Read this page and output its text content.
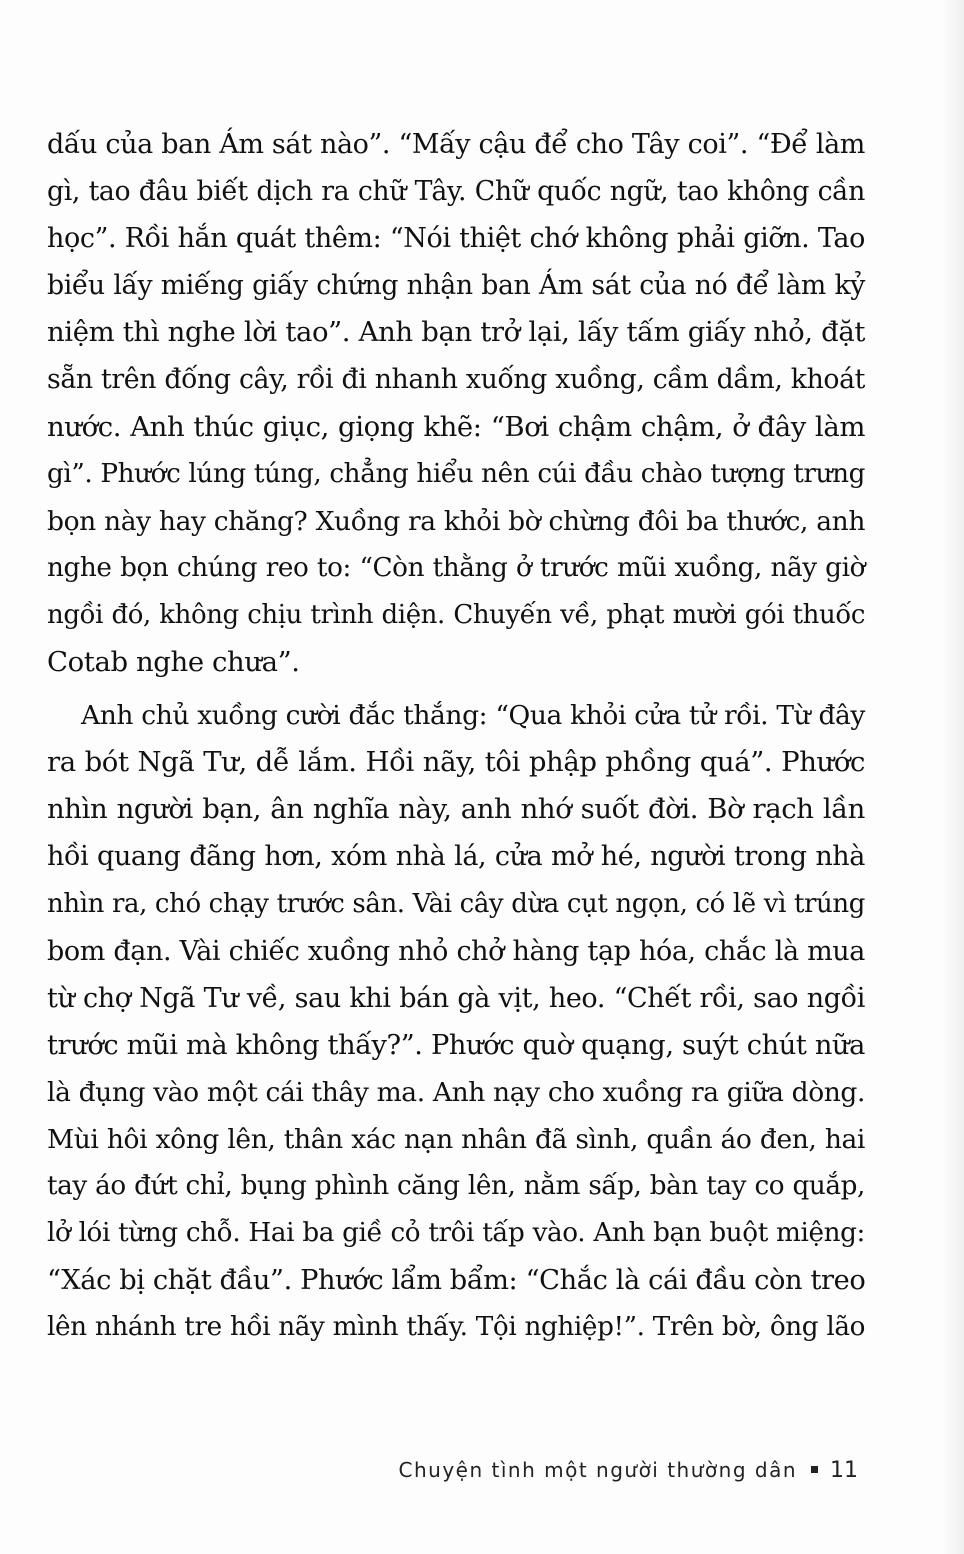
dấu của ban Ám sát nào”. “Mấy cậu để cho Tây coi”. “Để làm
gì, tao đâu biết dịch ra chữ Tây. Chữ quốc ngữ, tao không cần
học”. Rồi hắn quát thêm: “Nói thiệt chớ không phải giỡn. Tao
biểu lấy miếng giấy chứng nhận ban Ám sát của nó để làm kỷ
niệm thì nghe lời tao”. Anh bạn trở lại, lấy tấm giấy nhỏ, đặt
sẵn trên đống cây, rồi đi nhanh xuống xuồng, cầm dầm, khoát
nước. Anh thúc giục, giọng khẽ: “Bơi chậm chậm, ở đây làm
gì”. Phước lúng túng, chẳng hiểu nên cúi đầu chào tượng trưng
bọn này hay chăng? Xuồng ra khỏi bờ chừng đôi ba thước, anh
nghe bọn chúng reo to: “Còn thằng ở trước mũi xuồng, nãy giờ
ngồi đó, không chịu trình diện. Chuyến về, phạt mười gói thuốc
Cotab nghe chưa”.
Anh chủ xuồng cười đắc thắng: “Qua khỏi cửa tử rồi. Từ đây
ra bót Ngã Tư, dễ lắm. Hồi nãy, tôi phập phồng quá”. Phước
nhìn người bạn, ân nghĩa này, anh nhớ suốt đời. Bờ rạch lần
hồi quang đãng hơn, xóm nhà lá, cửa mở hé, người trong nhà
nhìn ra, chó chạy trước sân. Vài cây dừa cụt ngọn, có lẽ vì trúng
bom đạn. Vài chiếc xuồng nhỏ chở hàng tạp hóa, chắc là mua
từ chợ Ngã Tư về, sau khi bán gà vịt, heo. “Chết rồi, sao ngồi
trước mũi mà không thấy?”. Phước quờ quạng, suýt chút nữa
là đụng vào một cái thây ma. Anh nạy cho xuồng ra giữa dòng.
Mùi hôi xông lên, thân xác nạn nhân đã sình, quần áo đen, hai
tay áo đứt chỉ, bụng phình căng lên, nằm sấp, bàn tay co quắp,
lở lói từng chỗ. Hai ba giề cỏ trôi tấp vào. Anh bạn buột miệng:
“Xác bị chặt đầu”. Phước lẩm bẩm: “Chắc là cái đầu còn treo
lên nhánh tre hồi nãy mình thấy. Tội nghiệp!”. Trên bờ, ông lão
Chuyện tình một người thường dân 11
